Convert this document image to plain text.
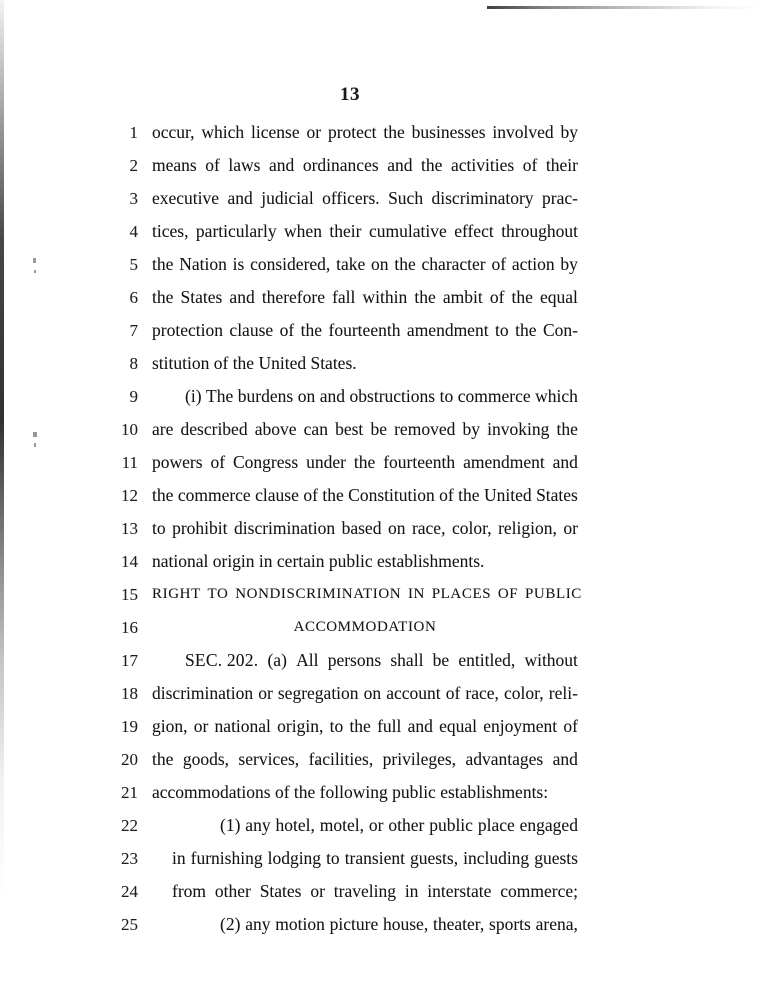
13
1 occur, which license or protect the businesses involved by
2 means of laws and ordinances and the activities of their
3 executive and judicial officers. Such discriminatory prac-
4 tices, particularly when their cumulative effect throughout
5 the Nation is considered, take on the character of action by
6 the States and therefore fall within the ambit of the equal
7 protection clause of the fourteenth amendment to the Con-
8 stitution of the United States.
9	(i) The burdens on and obstructions to commerce which
10 are described above can best be removed by invoking the
11 powers of Congress under the fourteenth amendment and
12 the commerce clause of the Constitution of the United States
13 to prohibit discrimination based on race, color, religion, or
14 national origin in certain public establishments.
15 RIGHT TO NONDISCRIMINATION IN PLACES OF PUBLIC
16	ACCOMMODATION
17	SEC. 202. (a) All persons shall be entitled, without
18 discrimination or segregation on account of race, color, reli-
19 gion, or national origin, to the full and equal enjoyment of
20 the goods, services, facilities, privileges, advantages and
21 accommodations of the following public establishments:
22	(1) any hotel, motel, or other public place engaged
23 in furnishing lodging to transient guests, including guests
24 from other States or traveling in interstate commerce;
25	(2) any motion picture house, theater, sports arena,
